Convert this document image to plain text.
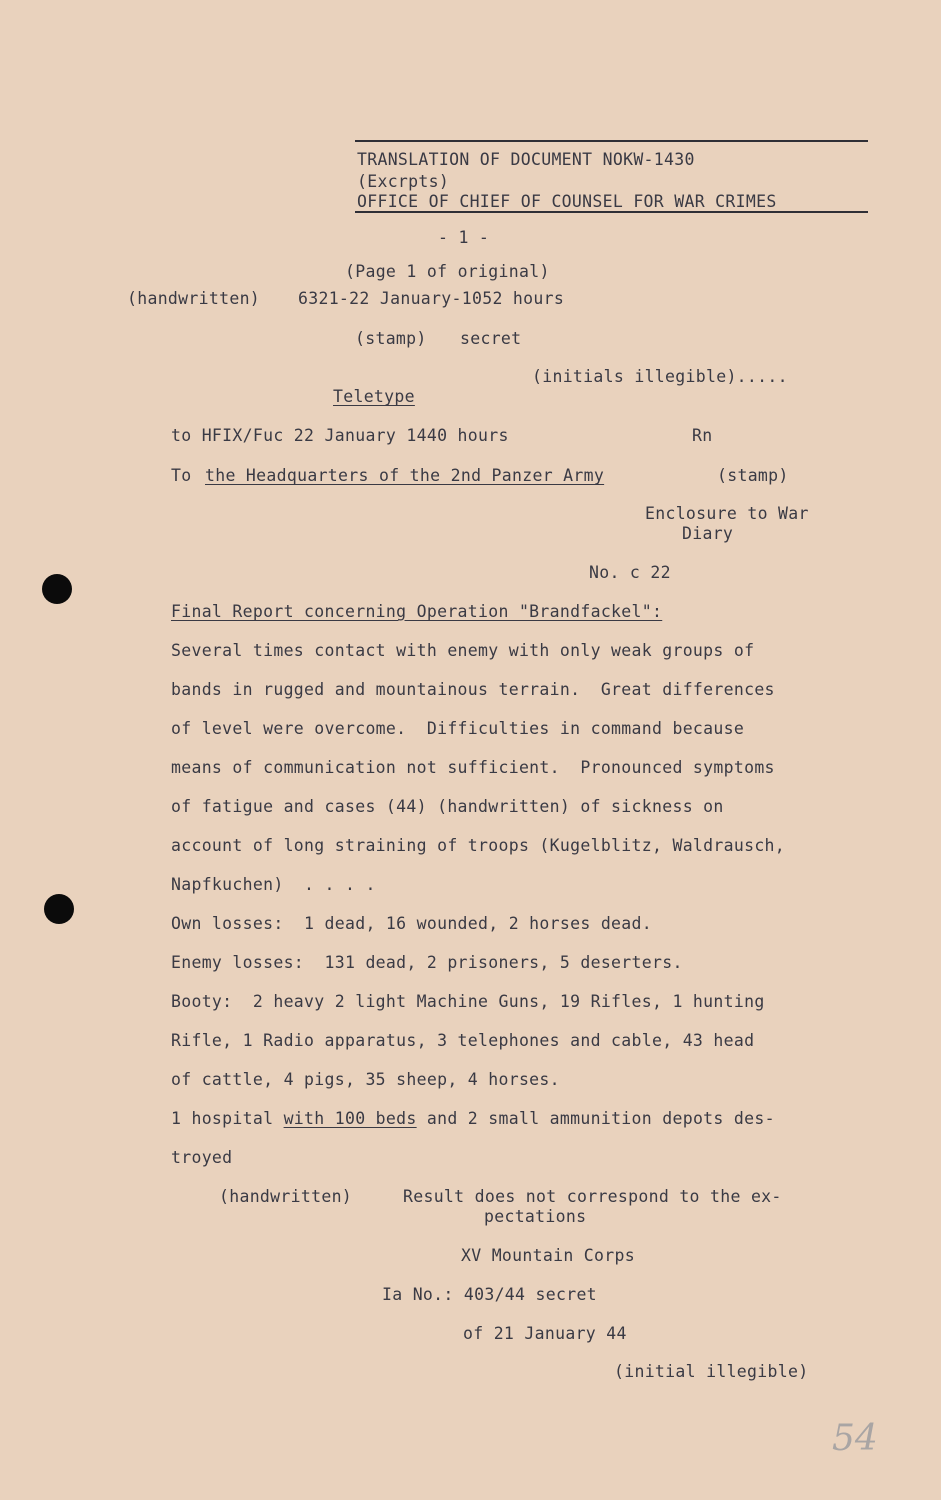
TRANSLATION OF DOCUMENT NOKW-1430
(Excrpts)
OFFICE OF CHIEF OF COUNSEL FOR WAR CRIMES
- 1 -
(Page 1 of original)
(handwritten) 6321-22 January-1052 hours
(stamp) secret
(initials illegible).....
Teletype
to HFIX/Fuc 22 January 1440 hours	Rn
To the Headquarters of the 2nd Panzer Army	(stamp)
Enclosure to War
Diary
No. c 22
Final Report concerning Operation "Brandfackel":
Several times contact with enemy with only weak groups of
bands in rugged and mountainous terrain.  Great differences
of level were overcome.  Difficulties in command because
means of communication not sufficient.  Pronounced symptoms
of fatigue and cases (44) (handwritten) of sickness on
account of long straining of troops (Kugelblitz, Waldrausch,
Napfkuchen)  . . . .
Own losses:  1 dead, 16 wounded, 2 horses dead.
Enemy losses:  131 dead, 2 prisoners, 5 deserters.
Booty:  2 heavy 2 light Machine Guns, 19 Rifles, 1 hunting
Rifle, 1 Radio apparatus, 3 telephones and cable, 43 head
of cattle, 4 pigs, 35 sheep, 4 horses.
1 hospital with 100 beds and 2 small ammunition depots des-
troyed
(handwritten)	Result does not correspond to the ex-
pectations
XV Mountain Corps
Ia No.: 403/44 secret
of 21 January 44
(initial illegible)
54
